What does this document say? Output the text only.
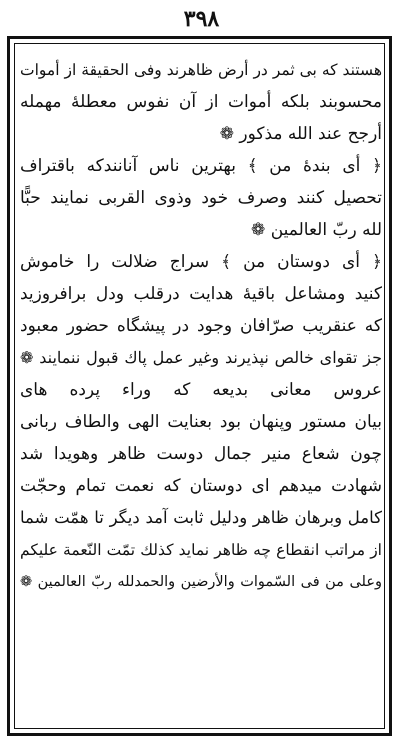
٣٩٨
هستند كه بی ثمر در أرض ظاهرند وفی الحقیقة از أموات
محسوبند بلكه أموات از آن نفوس معطلۀ مهمله
أرجح عند الله مذكور ❁
﴿ أی بندۀ من ﴾ بهترین ناس آنانندكه باقتراف
تحصیل كنند وصرف خود وذوی القربی نمایند حبًّا
لله ربّ العالمین ❁
﴿ أی دوستان من ﴾ سراج ضلالت را خاموش
كنید ومشاعل باقیۀ هدایت درقلب ودل برافروزید
كه عنقریب صرّافان وجود در پیشگاه حضور معبود
جز تقوای خالص نپذیرند وغیر عمل پاك قبول ننمایند ❁
عروس معانی بدیعه كه وراء پرده های
بیان مستور وپنهان بود بعنایت الهی والطاف ربانی
چون شعاع منیر جمال دوست ظاهر وهویدا شد
شهادت میدهم ای دوستان كه نعمت تمام وحجّت
كامل وبرهان ظاهر ودلیل ثابت آمد دیگر تا همّت شما
از مراتب انقطاع چه ظاهر نماید كذلك تمّت النّعمة علیكم
وعلی من فی السّموات والأرضین والحمدلله ربّ العالمین ❁
